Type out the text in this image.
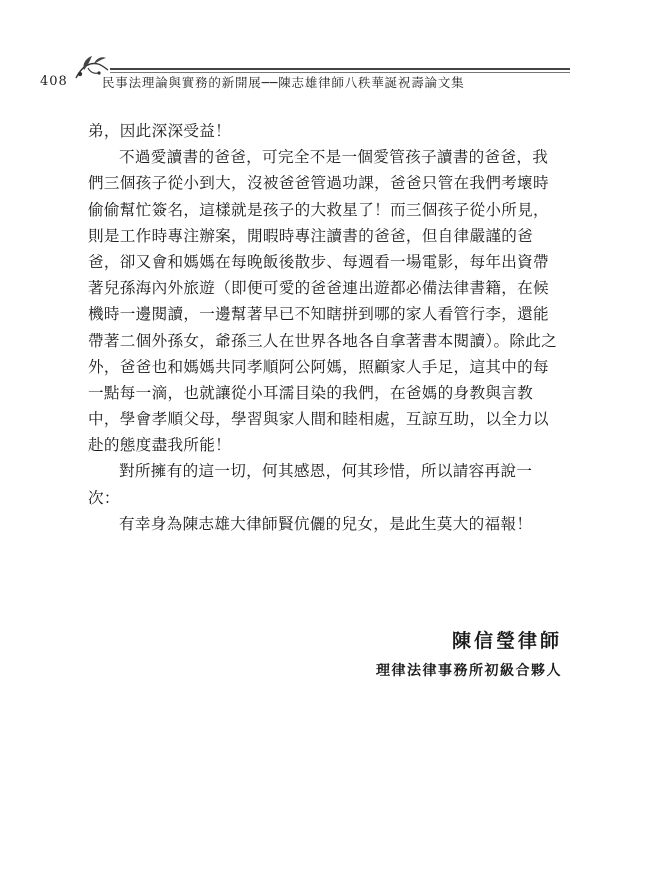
408	民事法理論與實務的新開展──陳志雄律師八秩華誕祝壽論文集
弟，因此深深受益！
不過愛讀書的爸爸，可完全不是一個愛管孩子讀書的爸爸，我
們三個孩子從小到大，沒被爸爸管過功課，爸爸只管在我們考壞時
偷偷幫忙簽名，這樣就是孩子的大救星了！而三個孩子從小所見，
則是工作時專注辦案，閒暇時專注讀書的爸爸，但自律嚴謹的爸
爸，卻又會和媽媽在每晚飯後散步、每週看一場電影，每年出資帶
著兒孫海內外旅遊（即便可愛的爸爸連出遊都必備法律書籍，在候
機時一邊閱讀，一邊幫著早已不知瞎拼到哪的家人看管行李，還能
帶著二個外孫女，爺孫三人在世界各地各自拿著書本閱讀）。除此之
外，爸爸也和媽媽共同孝順阿公阿媽，照顧家人手足，這其中的每
一點每一滴，也就讓從小耳濡目染的我們，在爸媽的身教與言教
中，學會孝順父母，學習與家人間和睦相處，互諒互助，以全力以
赴的態度盡我所能！
對所擁有的這一切，何其感恩，何其珍惜，所以請容再說一
次：
有幸身為陳志雄大律師賢伉儷的兒女，是此生莫大的福報！
陳信瑩律師
理律法律事務所初級合夥人
